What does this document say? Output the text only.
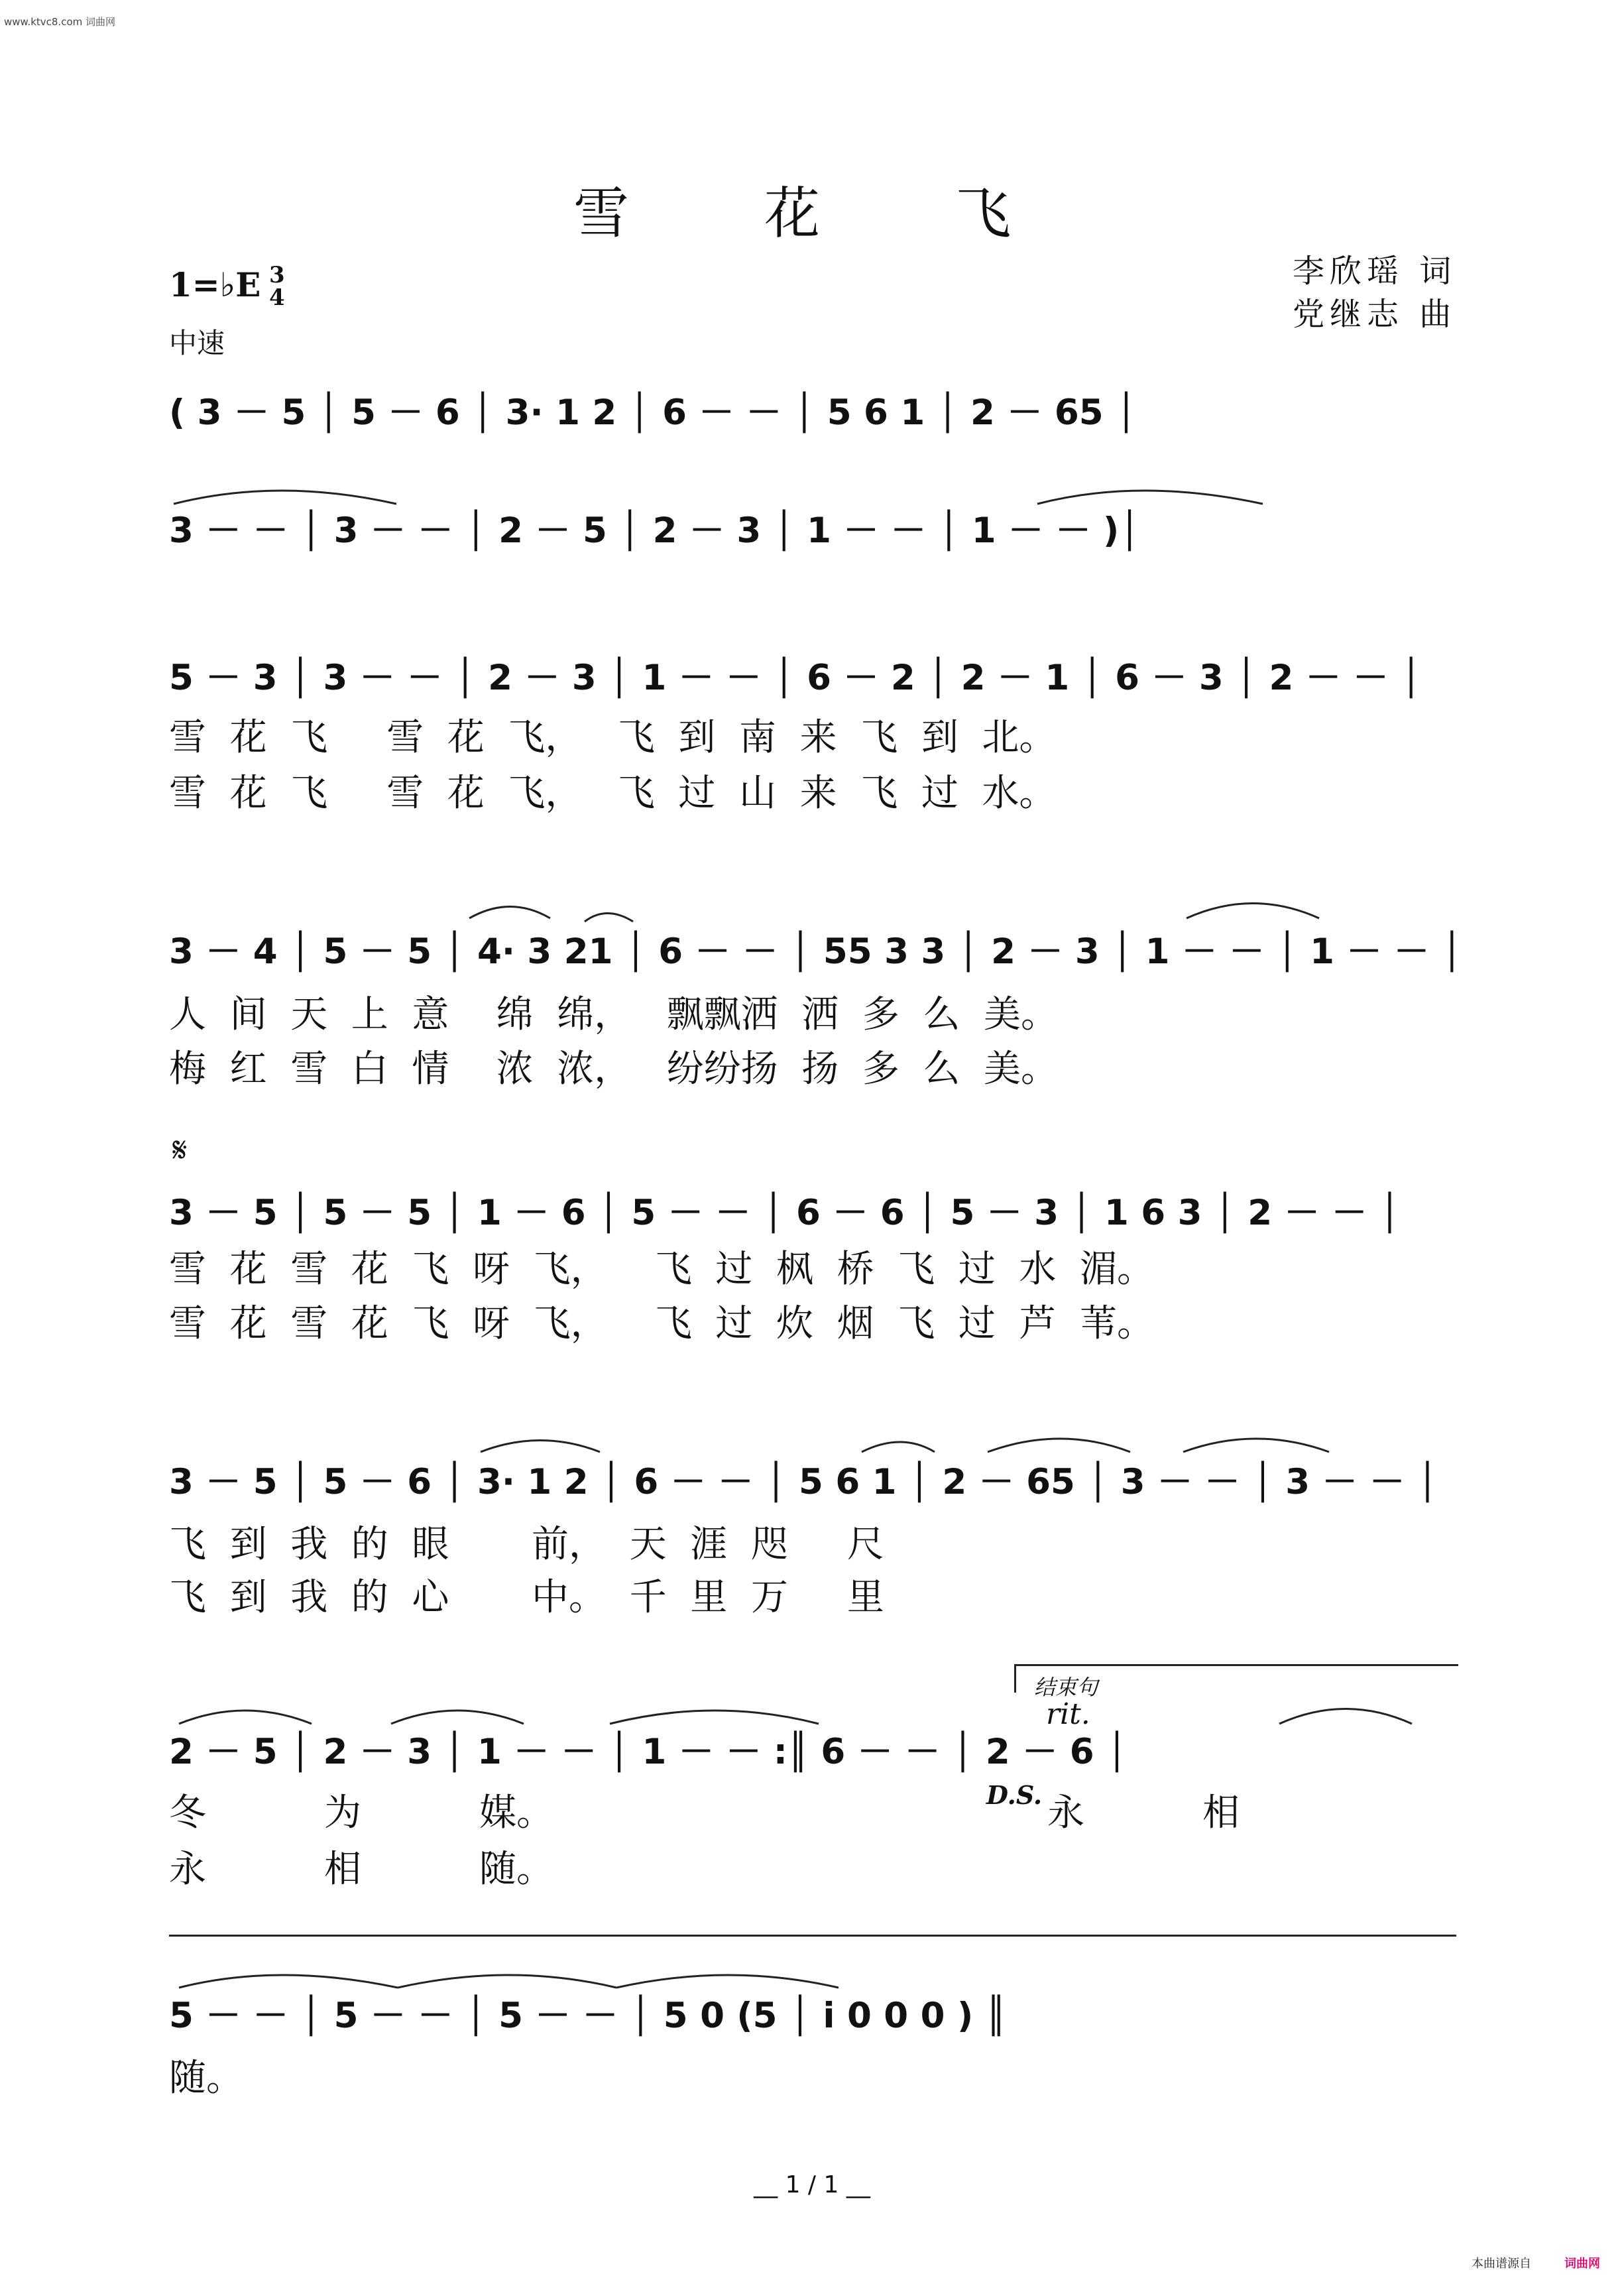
www.ktvc8.com 词曲网
雪　花　飞
1=♭E 3
4
中速
李欣瑶 词
党继志 曲
( 3 － 5 │ 5 － 6 │ 3· 1 2 │ 6 － － │ 5 6 1 │ 2 － 65 │
3 － － │ 3 － － │ 2 － 5 │ 2 － 3 │ 1 － － │ 1 － － )│
5 － 3 │ 3 － － │ 2 － 3 │ 1 － － │ 6 － 2 │ 2 － 1 │ 6 － 3 │ 2 － － │
雪  花  飞     雪  花  飞，   飞  到  南  来  飞  到  北。
雪  花  飞     雪  花  飞，   飞  过  山  来  飞  过  水。
3 － 4 │ 5 － 5 │ 4· 3 21 │ 6 － － │ 55 3 3 │ 2 － 3 │ 1 － － │ 1 － － │
人  间  天  上  意    绵  绵，   飘飘洒  洒  多  么  美。
梅  红  雪  白  情    浓  浓，   纷纷扬  扬  多  么  美。
𝄋
3 － 5 │ 5 － 5 │ 1 － 6 │ 5 － － │ 6 － 6 │ 5 － 3 │ 1 6 3 │ 2 － － │
雪  花  雪  花  飞  呀  飞，    飞  过  枫  桥  飞  过  水  湄。
雪  花  雪  花  飞  呀  飞，    飞  过  炊  烟  飞  过  芦  苇。
3 － 5 │ 5 － 6 │ 3· 1 2 │ 6 － － │ 5 6 1 │ 2 － 65 │ 3 － － │ 3 － － │
飞  到  我  的  眼       前，  天  涯  咫     尺
飞  到  我  的  心       中。  千  里  万     里
结束句
rit.
2 － 5 │ 2 － 3 │ 1 － － │ 1 － － :║ 6 － － │ 2 － 6 │
冬          为          媒。	D.S. 永          相
永          相          随。
5 － － │ 5 － － │ 5 － － │ 5 0 (5 │ i 0 0 0 ) ║
随。
__ 1 / 1 __
本曲谱源自	词曲网
